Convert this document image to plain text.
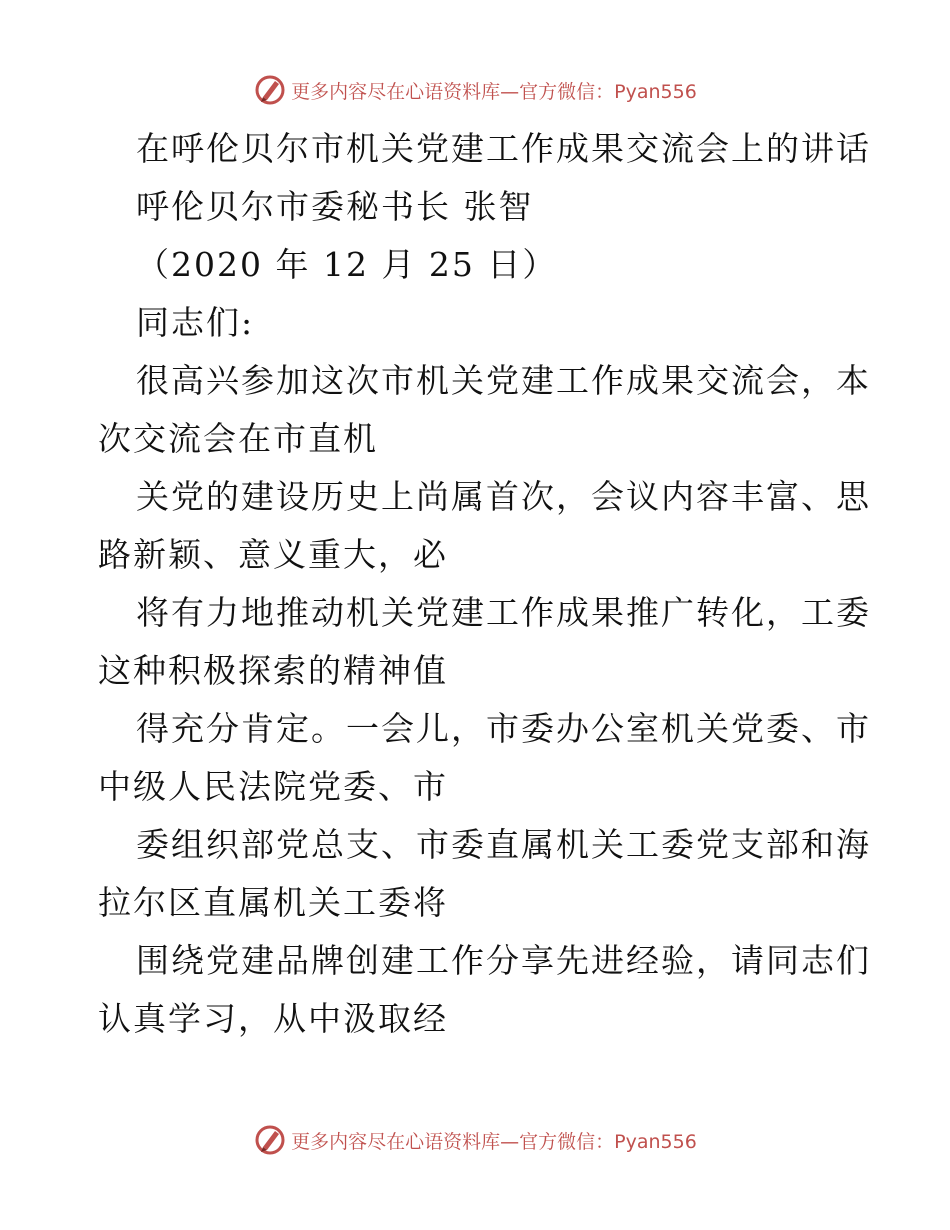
更多内容尽在心语资料库—官方微信：Pyan556
在呼伦贝尔市机关党建工作成果交流会上的讲话
呼伦贝尔市委秘书长 张智
（2020 年 12 月 25 日）
同志们:
很高兴参加这次市机关党建工作成果交流会，本
次交流会在市直机
关党的建设历史上尚属首次，会议内容丰富、思
路新颖、意义重大，必
将有力地推动机关党建工作成果推广转化，工委
这种积极探索的精神值
得充分肯定。一会儿，市委办公室机关党委、市
中级人民法院党委、市
委组织部党总支、市委直属机关工委党支部和海
拉尔区直属机关工委将
围绕党建品牌创建工作分享先进经验，请同志们
认真学习，从中汲取经
更多内容尽在心语资料库—官方微信：Pyan556
